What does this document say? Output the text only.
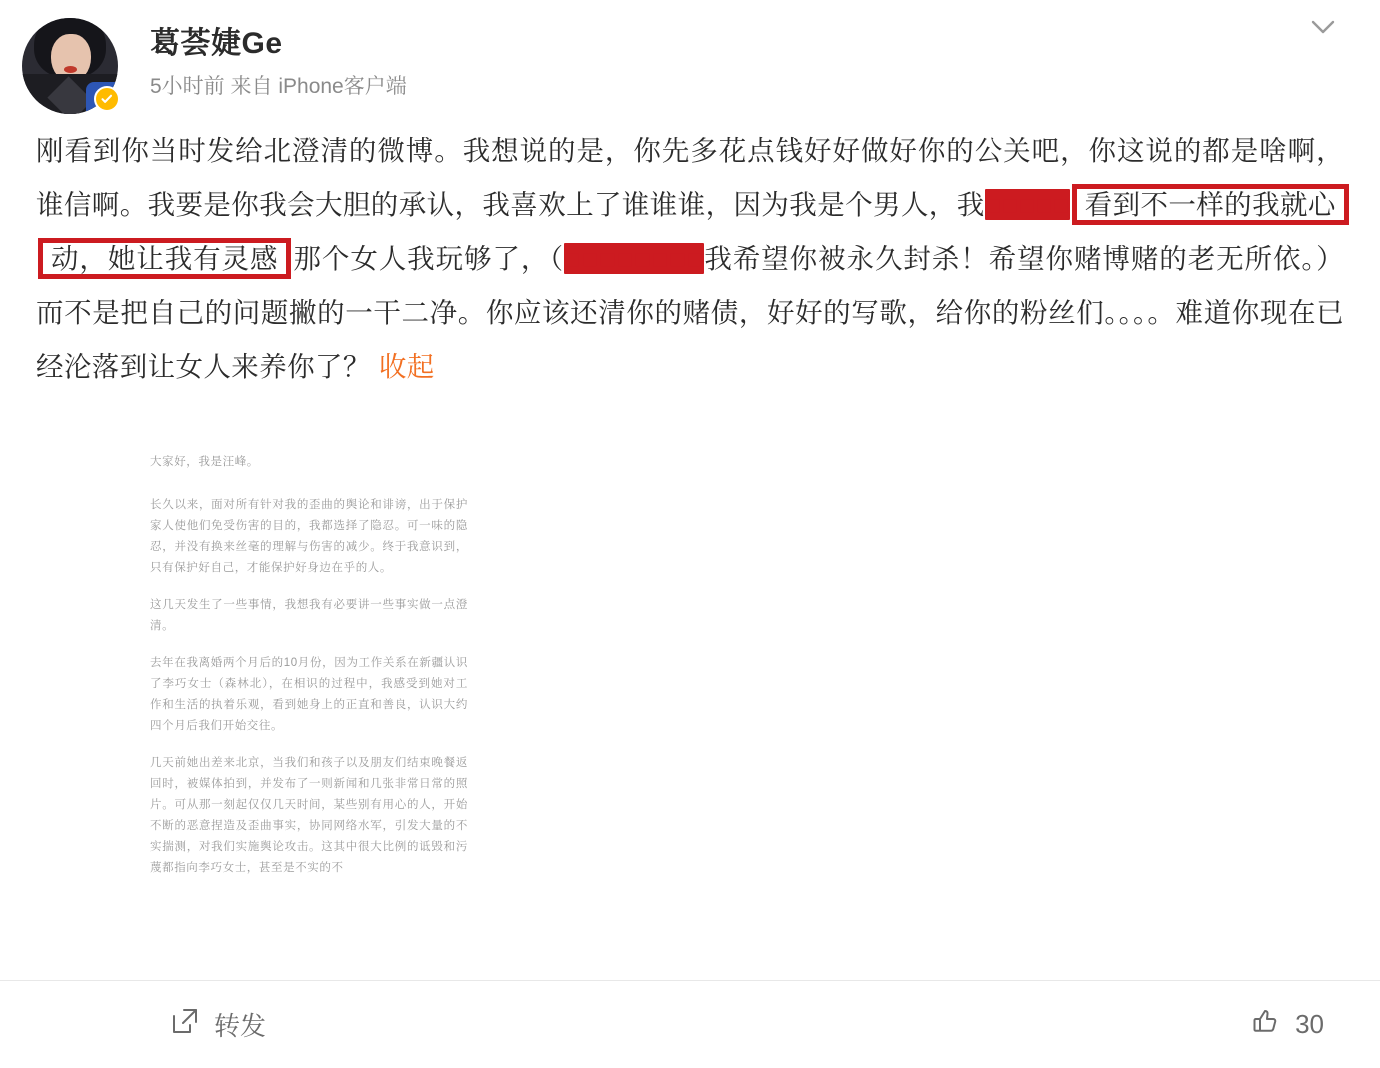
葛荟婕Ge
5小时前 来自 iPhone客户端

刚看到你当时发给北澄清的微博。我想说的是，你先多花点钱好好做好你的公关吧，你这说的都是啥啊，谁信啊。我要是你我会大胆的承认，我喜欢上了谁谁谁，因为我是个男人，我■■■■■ 看到不一样的我就心动，她让我有灵感 那个女人我玩够了，（■■■■■■■■我希望你被永久封杀！希望你赌博赌的老无所依。）而不是把自己的问题撇的一干二净。你应该还清你的赌债，好好的写歌，给你的粉丝们。。。。难道你现在已经沦落到让女人来养你了？ 收起

大家好，我是汪峰。

长久以来，面对所有针对我的歪曲的舆论和诽谤，出于保护家人使他们免受伤害的目的，我都选择了隐忍。可一味的隐忍，并没有换来丝毫的理解与伤害的减少。终于我意识到，只有保护好自己，才能保护好身边在乎的人。

这几天发生了一些事情，我想我有必要讲一些事实做一点澄清。

去年在我离婚两个月后的10月份，因为工作关系在新疆认识了李巧女士（森林北），在相识的过程中，我感受到她对工作和生活的执着乐观，看到她身上的正直和善良，认识大约四个月后我们开始交往。

几天前她出差来北京，当我们和孩子以及朋友们结束晚餐返回时，被媒体拍到，并发布了一则新闻和几张非常日常的照片。可从那一刻起仅仅几天时间，某些别有用心的人，开始不断的恶意捏造及歪曲事实，协同网络水军，引发大量的不实揣测，对我们实施舆论攻击。这其中很大比例的诋毁和污蔑都指向李巧女士，甚至是不实的不

转发	30
